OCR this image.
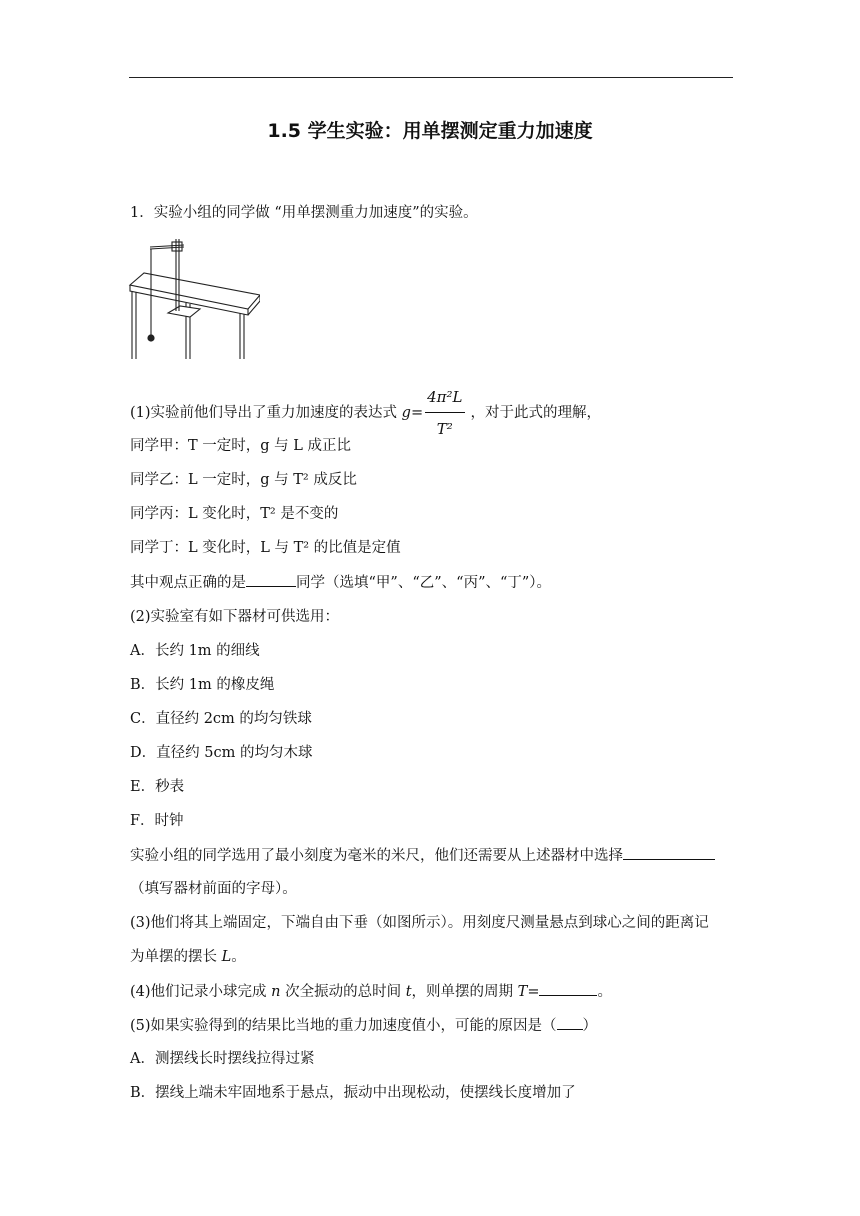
1.5 学生实验：用单摆测定重力加速度
1．实验小组的同学做 “用单摆测重力加速度”的实验。
(1)实验前他们导出了重力加速度的表达式 $g= \frac{\text{4π²L}}{\text{T²}}$ ，对于此式的理解，
同学甲：T 一定时，g 与 L 成正比
同学乙：L 一定时，g 与 T² 成反比
同学丙：L 变化时，T² 是不变的
同学丁：L 变化时，L 与 T² 的比值是定值
其中观点正确的是	同学（选填“甲”、“乙”、“丙”、“丁”）。
(2)实验室有如下器材可供选用：
A．长约 1m 的细线
B．长约 1m 的橡皮绳
C．直径约 2cm 的均匀铁球
D．直径约 5cm 的均匀木球
E．秒表
F．时钟
实验小组的同学选用了最小刻度为毫米的米尺，他们还需要从上述器材中选择
（填写器材前面的字母）。
(3)他们将其上端固定，下端自由下垂（如图所示）。用刻度尺测量悬点到球心之间的距离记
为单摆的摆长 L。
(4)他们记录小球完成 n 次全振动的总时间 t，则单摆的周期 T=	。
(5)如果实验得到的结果比当地的重力加速度值小，可能的原因是（ ）
A．测摆线长时摆线拉得过紧
B．摆线上端未牢固地系于悬点，振动中出现松动，使摆线长度增加了
